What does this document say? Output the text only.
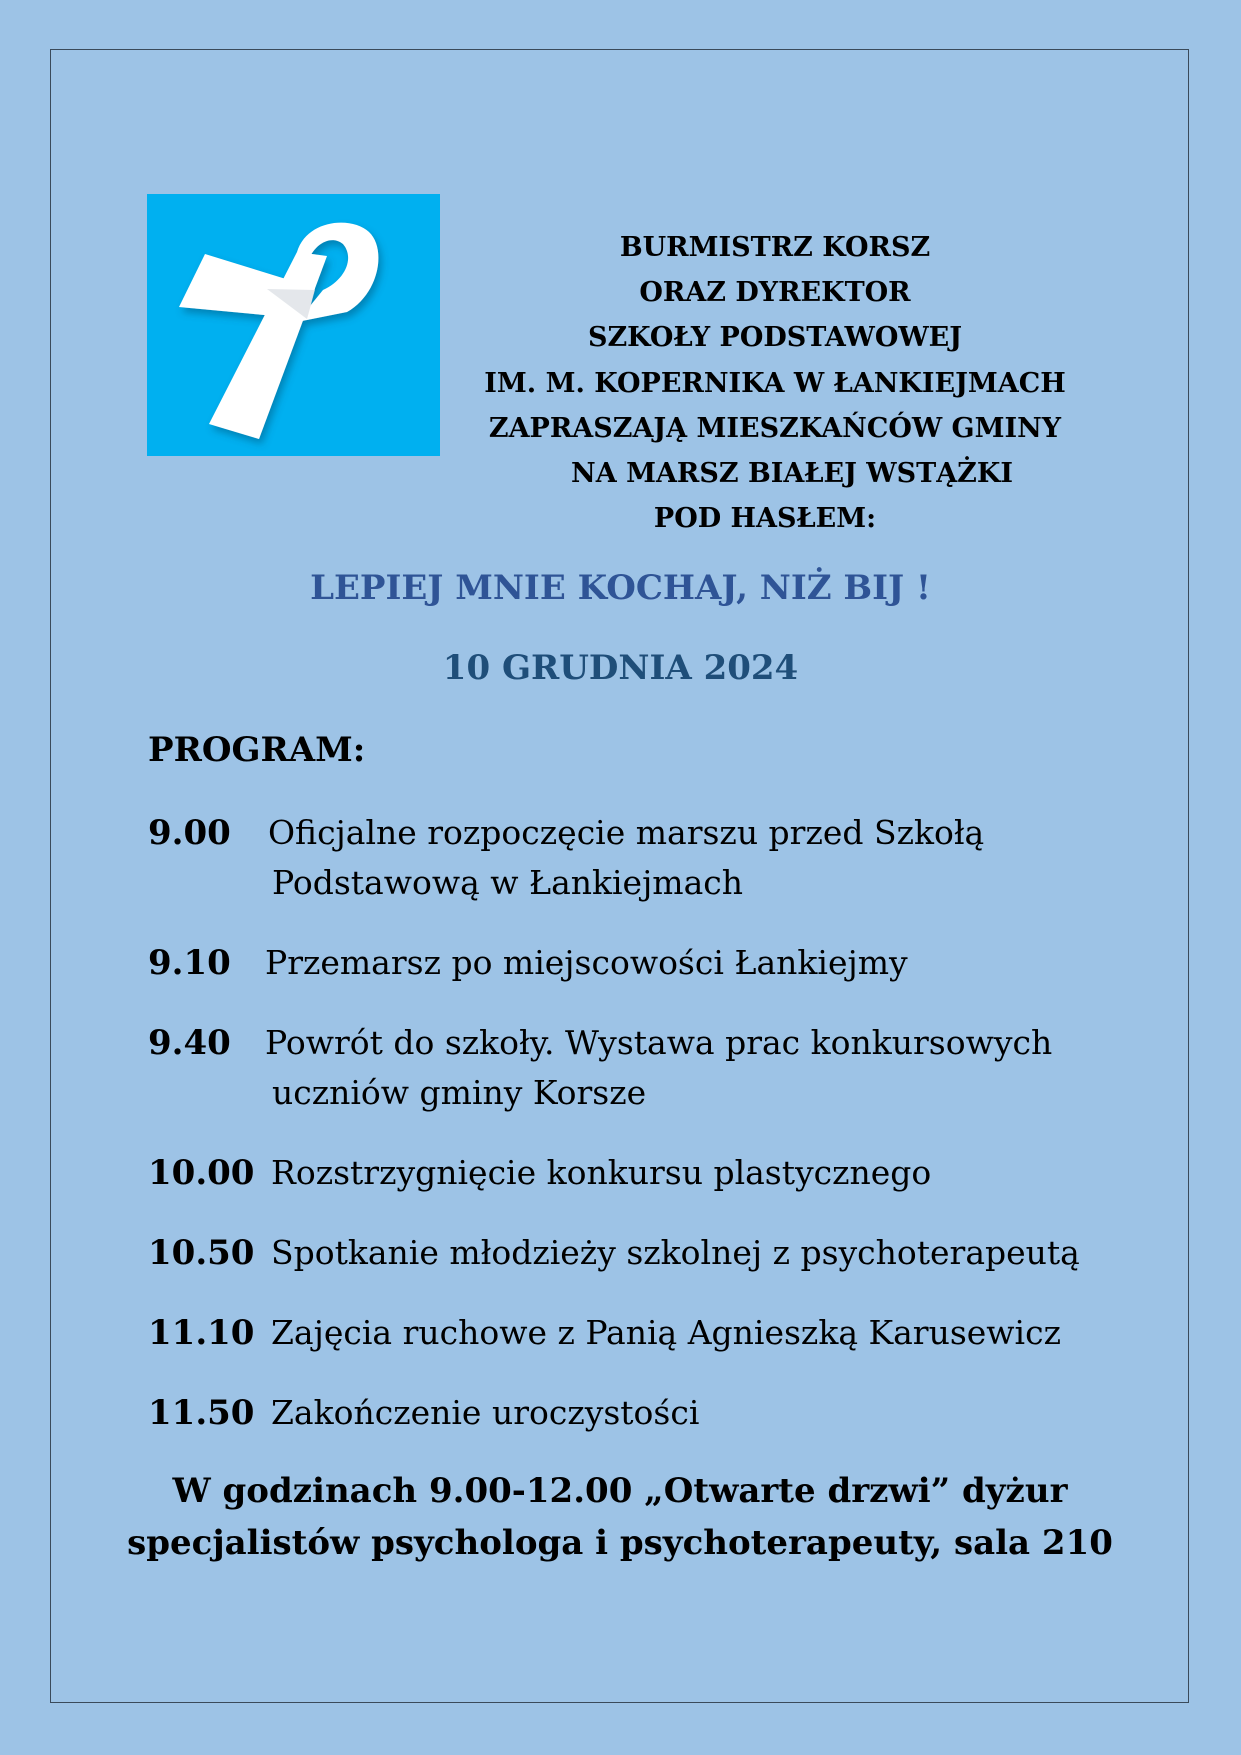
BURMISTRZ KORSZ
ORAZ DYREKTOR
SZKOŁY PODSTAWOWEJ
IM. M. KOPERNIKA W ŁANKIEJMACH
ZAPRASZAJĄ MIESZKAŃCÓW GMINY
NA MARSZ BIAŁEJ WSTĄŻKI
POD HASŁEM:
LEPIEJ MNIE KOCHAJ, NIŻ BIJ !
10 GRUDNIA 2024
PROGRAM:
9.00	Oficjalne rozpoczęcie marszu przed Szkołą
Podstawową w Łankiejmach
9.10	Przemarsz po miejscowości Łankiejmy
9.40	Powrót do szkoły. Wystawa prac konkursowych
uczniów gminy Korsze
10.00 Rozstrzygnięcie konkursu plastycznego
10.50 Spotkanie młodzieży szkolnej z psychoterapeutą
11.10 Zajęcia ruchowe z Panią Agnieszką Karusewicz
11.50 Zakończenie uroczystości
W godzinach 9.00-12.00 „Otwarte drzwi” dyżur
specjalistów psychologa i psychoterapeuty, sala 210
